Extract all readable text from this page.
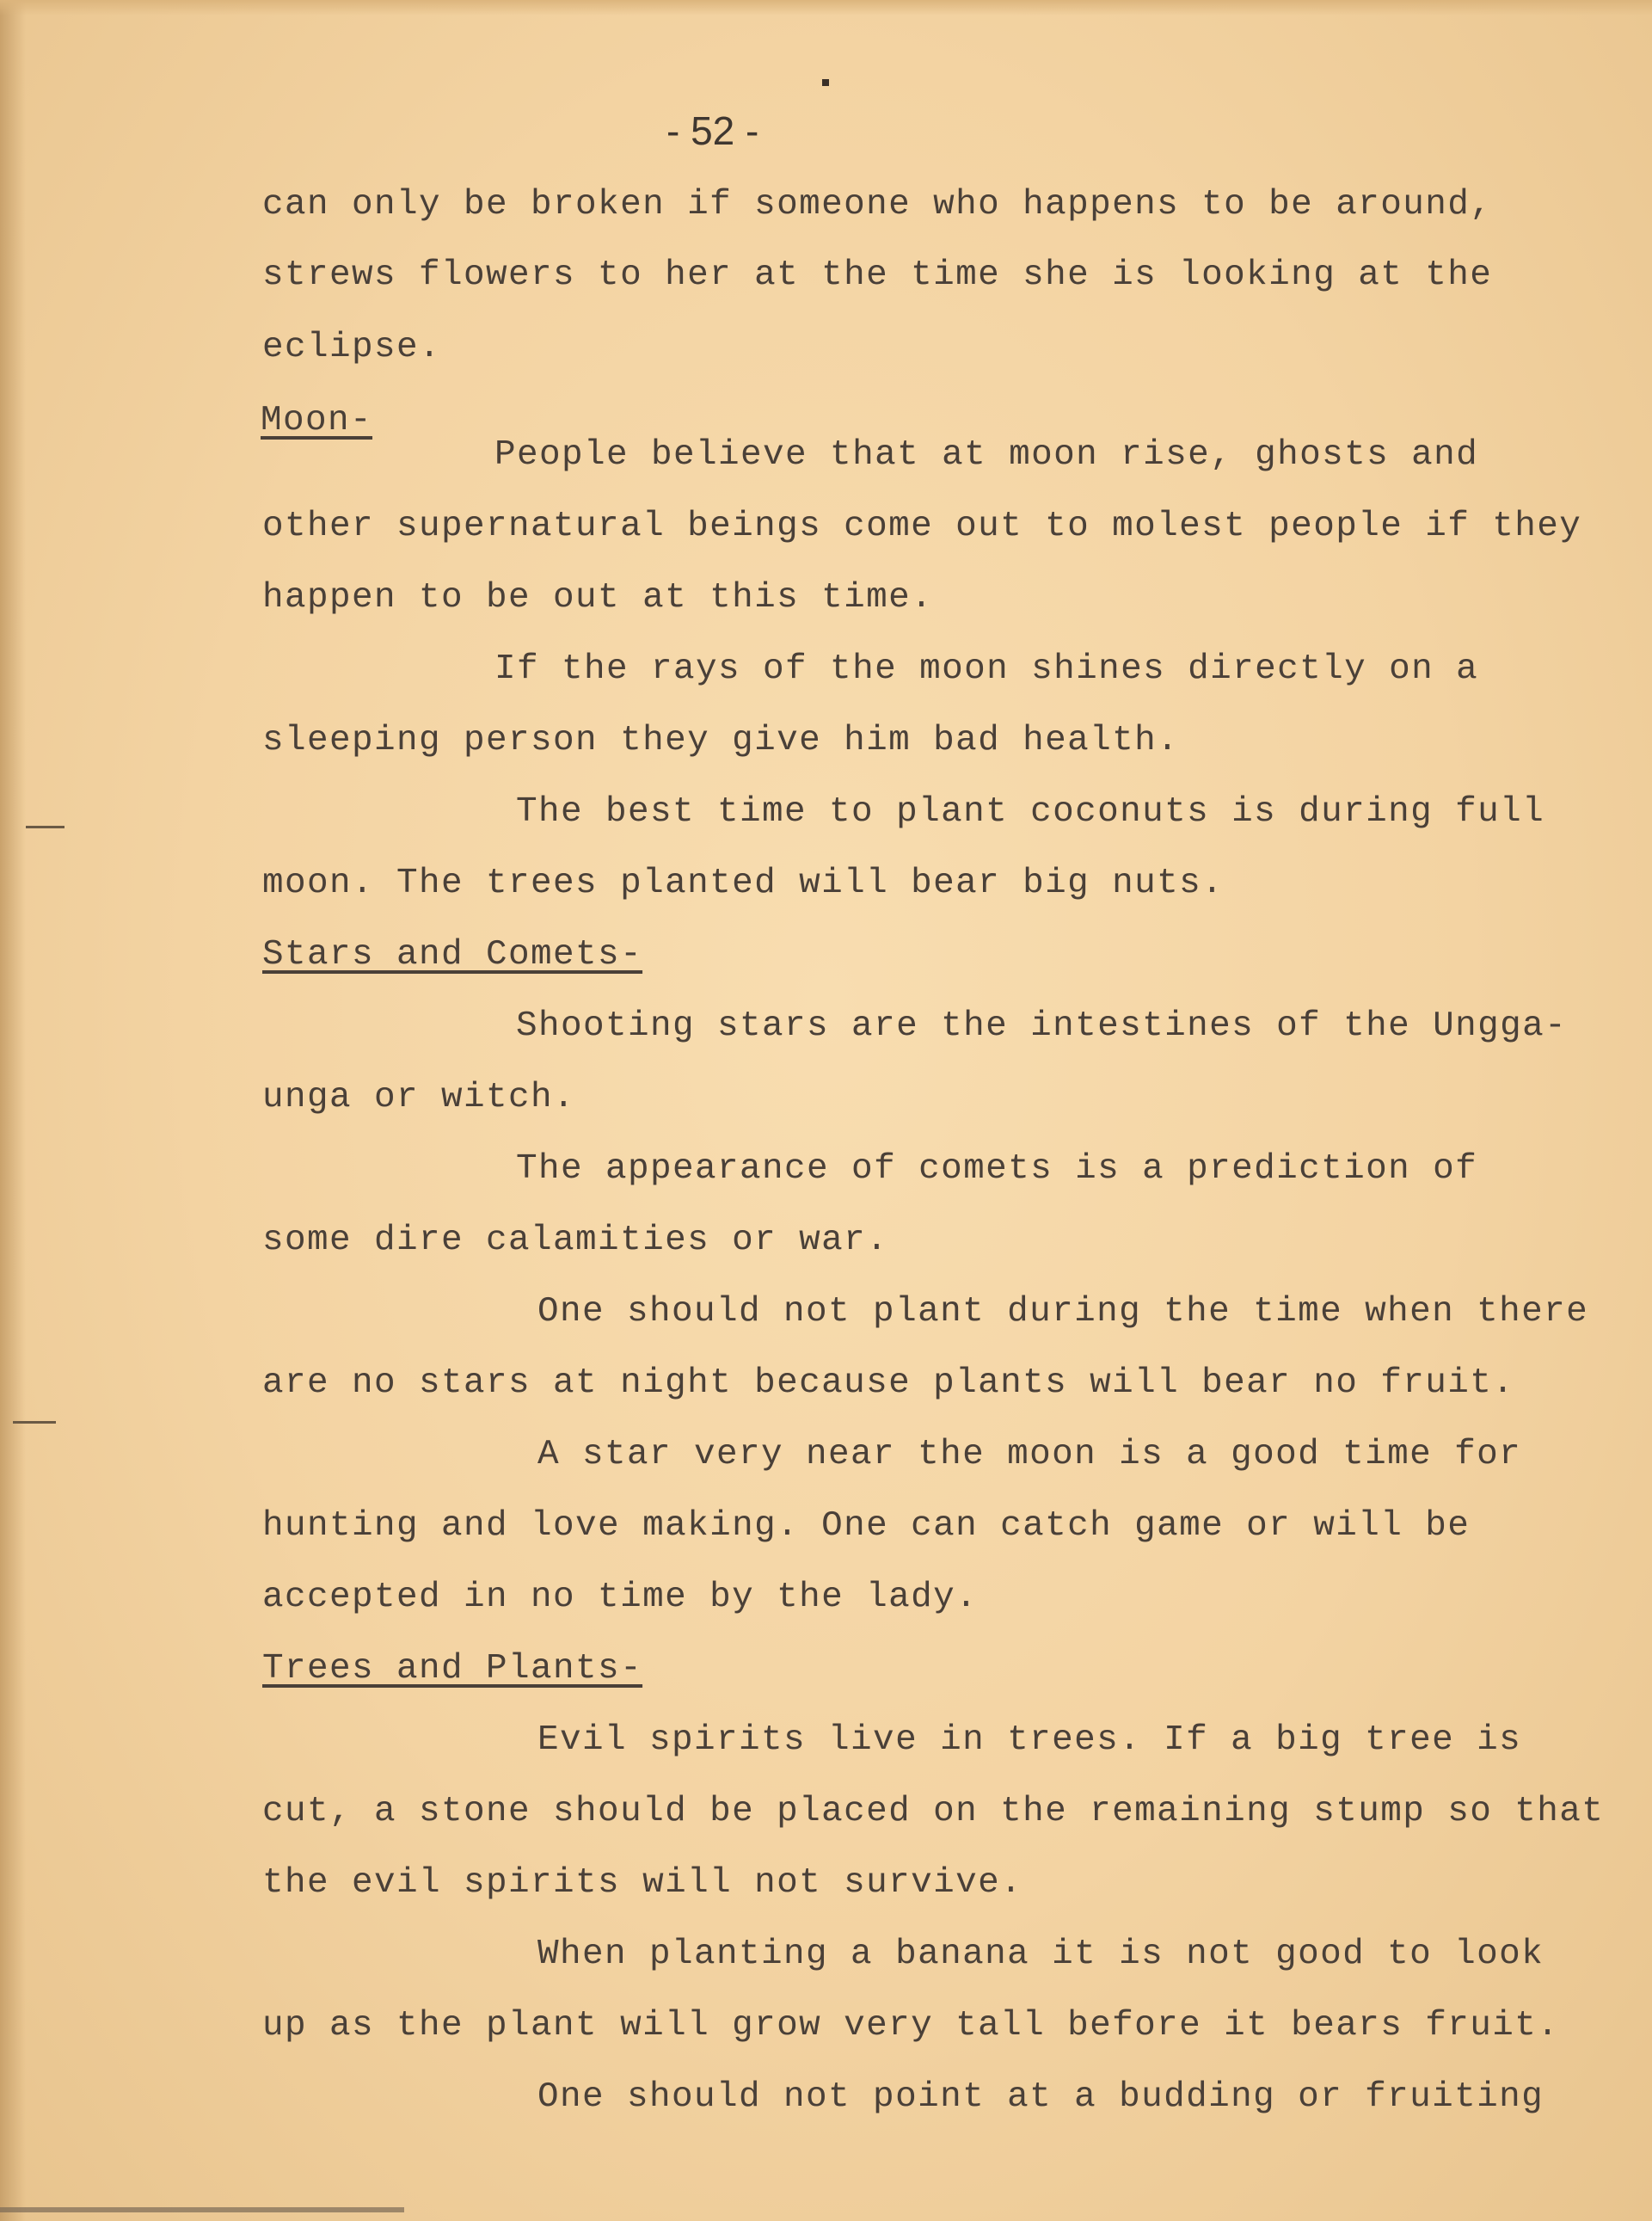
- 52 -
can only be broken if someone who happens to be around,
strews flowers to her at the time she is looking at the
eclipse.
Moon-
People believe that at moon rise, ghosts and
other supernatural beings come out to molest people if they
happen to be out at this time.
If the rays of the moon shines directly on a
sleeping person they give him bad health.
The best time to plant coconuts is during full
moon. The trees planted will bear big nuts.
Stars and Comets-
Shooting stars are the intestines of the Ungga-
unga or witch.
The appearance of comets is a prediction of
some dire calamities or war.
One should not plant during the time when there
are no stars at night because plants will bear no fruit.
A star very near the moon is a good time for
hunting and love making. One can catch game or will be
accepted in no time by the lady.
Trees and Plants-
Evil spirits live in trees. If a big tree is
cut, a stone should be placed on the remaining stump so that
the evil spirits will not survive.
When planting a banana it is not good to look
up as the plant will grow very tall before it bears fruit.
One should not point at a budding or fruiting
